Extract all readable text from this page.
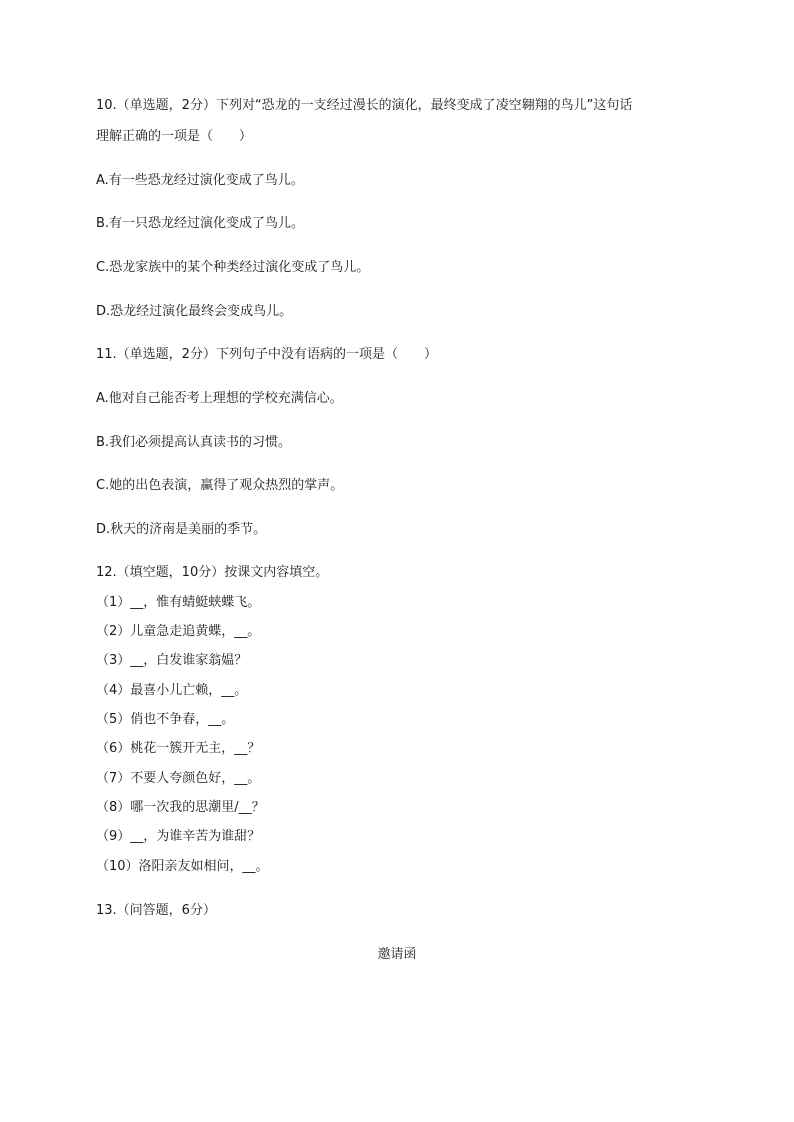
10.（单选题，2分）下列对“恐龙的一支经过漫长的演化，最终变成了凌空翱翔的鸟儿”这句话
理解正确的一项是（　　）
A.有一些恐龙经过演化变成了鸟儿。
B.有一只恐龙经过演化变成了鸟儿。
C.恐龙家族中的某个种类经过演化变成了鸟儿。
D.恐龙经过演化最终会变成鸟儿。
11.（单选题，2分）下列句子中没有语病的一项是（　　）
A.他对自己能否考上理想的学校充满信心。
B.我们必须提高认真读书的习惯。
C.她的出色表演，赢得了观众热烈的掌声。
D.秋天的济南是美丽的季节。
12.（填空题，10分）按课文内容填空。
（1）__，惟有蜻蜓蛱蝶飞。
（2）儿童急走追黄蝶，__。
（3）__，白发谁家翁媪？
（4）最喜小儿亡赖，__。
（5）俏也不争春，__。
（6）桃花一簇开无主，__？
（7）不要人夸颜色好，__。
（8）哪一次我的思潮里/__？
（9）__，为谁辛苦为谁甜？
（10）洛阳亲友如相问，__。
13.（问答题，6分）
邀请函
